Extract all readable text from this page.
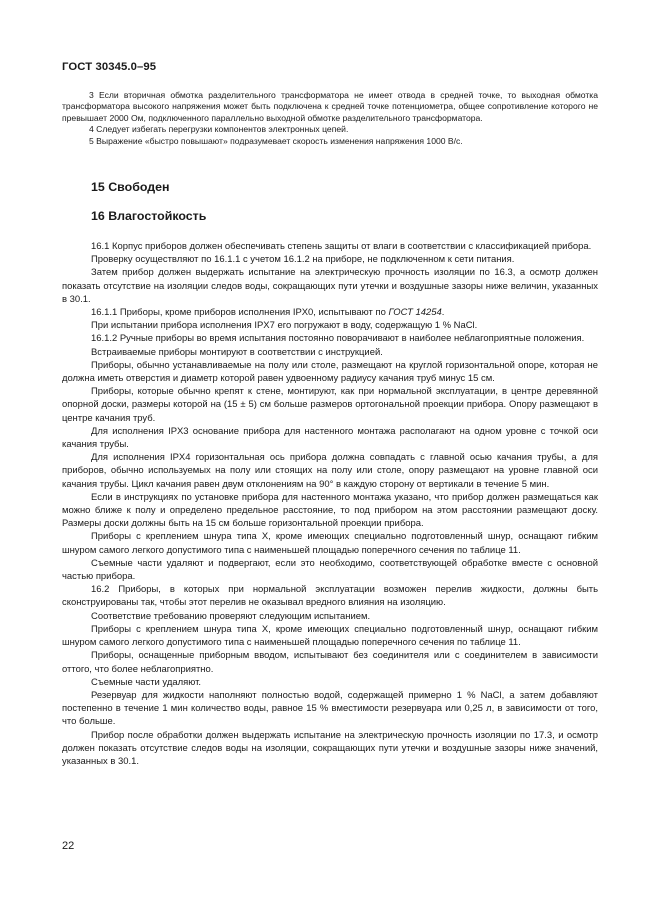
ГОСТ 30345.0–95

3 Если вторичная обмотка разделительного трансформатора не имеет отвода в средней точке, то выходная обмотка трансформатора высокого напряжения может быть подключена к средней точке потенциометра, общее сопротивление которого не превышает 2000 Ом, подключенного параллельно выходной обмотке разделительного трансформатора.

4 Следует избегать перегрузки компонентов электронных цепей.

5 Выражение «быстро повышают» подразумевает скорость изменения напряжения 1000 В/с.

15 Свободен
16 Влагостойкость

16.1 Корпус приборов должен обеспечивать степень защиты от влаги в соответствии с классификацией прибора.

Проверку осуществляют по 16.1.1 с учетом 16.1.2 на приборе, не подключенном к сети питания.

Затем прибор должен выдержать испытание на электрическую прочность изоляции по 16.3, а осмотр должен показать отсутствие на изоляции следов воды, сокращающих пути утечки и воздушные зазоры ниже величин, указанных в 30.1.

16.1.1 Приборы, кроме приборов исполнения IPX0, испытывают по ГОСТ 14254.

При испытании прибора исполнения IPX7 его погружают в воду, содержащую 1 % NaCl.

16.1.2 Ручные приборы во время испытания постоянно поворачивают в наиболее неблагоприятные положения.

Встраиваемые приборы монтируют в соответствии с инструкцией.

Приборы, обычно устанавливаемые на полу или столе, размещают на круглой горизонтальной опоре, которая не должна иметь отверстия и диаметр которой равен удвоенному радиусу качания труб минус 15 см.

Приборы, которые обычно крепят к стене, монтируют, как при нормальной эксплуатации, в центре деревянной опорной доски, размеры которой на (15 ± 5) см больше размеров ортогональной проекции прибора. Опору размещают в центре качания труб.

Для исполнения IPX3 основание прибора для настенного монтажа располагают на одном уровне с точкой оси качания трубы.

Для исполнения IPX4 горизонтальная ось прибора должна совпадать с главной осью качания трубы, а для приборов, обычно используемых на полу или стоящих на полу или столе, опору размещают на уровне главной оси качания трубы. Цикл качания равен двум отклонениям на 90° в каждую сторону от вертикали в течение 5 мин.

Если в инструкциях по установке прибора для настенного монтажа указано, что прибор должен размещаться как можно ближе к полу и определено предельное расстояние, то под прибором на этом расстоянии размещают доску. Размеры доски должны быть на 15 см больше горизонтальной проекции прибора.

Приборы с креплением шнура типа X, кроме имеющих специально подготовленный шнур, оснащают гибким шнуром самого легкого допустимого типа с наименьшей площадью поперечного сечения по таблице 11.

Съемные части удаляют и подвергают, если это необходимо, соответствующей обработке вместе с основной частью прибора.

16.2 Приборы, в которых при нормальной эксплуатации возможен перелив жидкости, должны быть сконструированы так, чтобы этот перелив не оказывал вредного влияния на изоляцию.

Соответствие требованию проверяют следующим испытанием.

Приборы с креплением шнура типа X, кроме имеющих специально подготовленный шнур, оснащают гибким шнуром самого легкого допустимого типа с наименьшей площадью поперечного сечения по таблице 11.

Приборы, оснащенные приборным вводом, испытывают без соединителя или с соединителем в зависимости оттого, что более неблагоприятно.

Съемные части удаляют.

Резервуар для жидкости наполняют полностью водой, содержащей примерно 1 % NaCl, а затем добавляют постепенно в течение 1 мин количество воды, равное 15 % вместимости резервуара или 0,25 л, в зависимости от того, что больше.

Прибор после обработки должен выдержать испытание на электрическую прочность изоляции по 17.3, и осмотр должен показать отсутствие следов воды на изоляции, сокращающих пути утечки и воздушные зазоры ниже значений, указанных в 30.1.

22
